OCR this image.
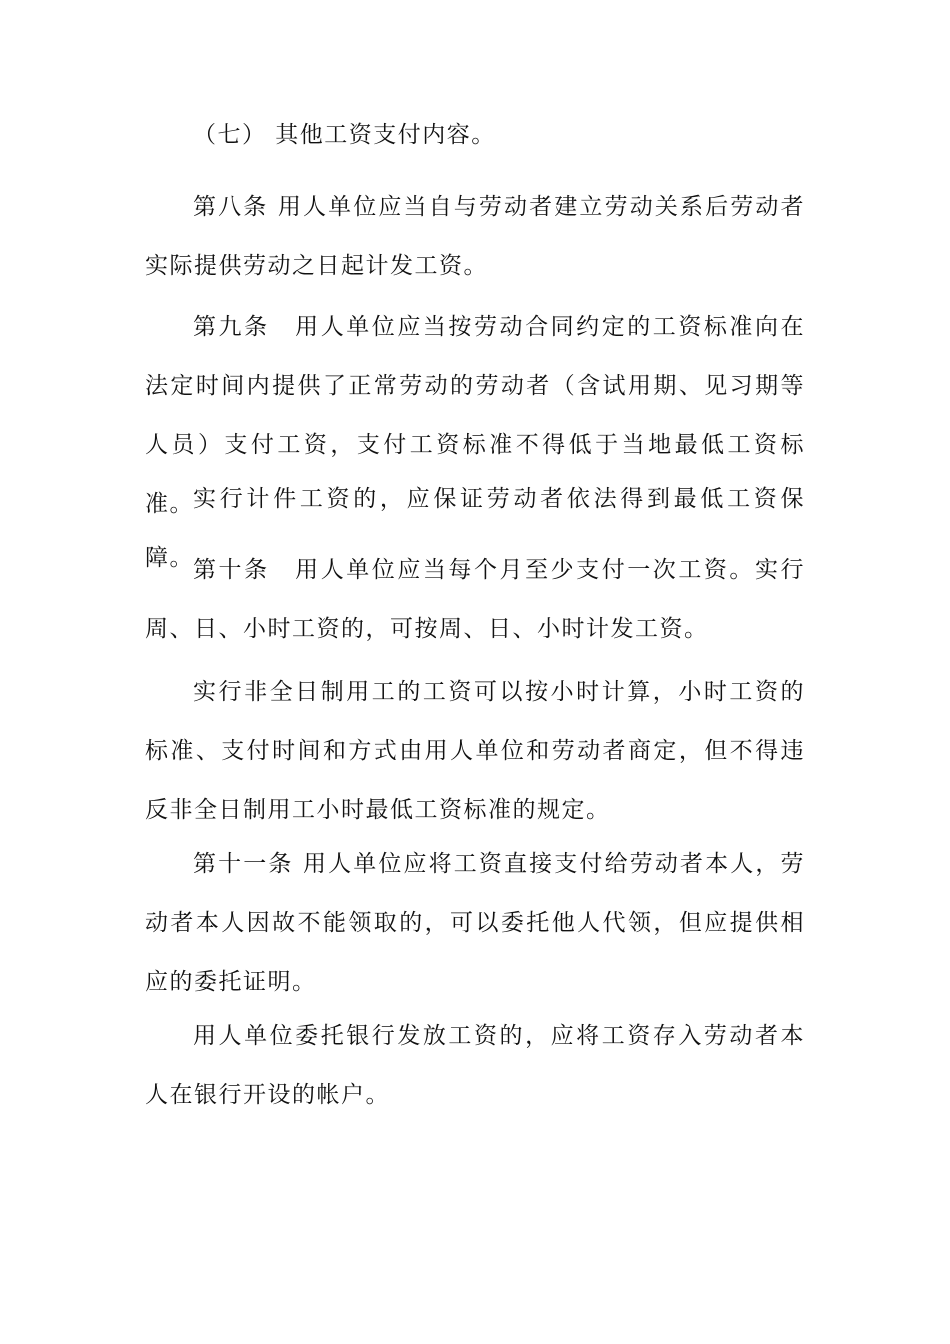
（七） 其他工资支付内容。

第八条 用人单位应当自与劳动者建立劳动关系后劳动者实际提供劳动之日起计发工资。

第九条　用人单位应当按劳动合同约定的工资标准向在法定时间内提供了正常劳动的劳动者（含试用期、见习期等人员）支付工资，支付工资标准不得低于当地最低工资标准。 实行计件工资的，应保证劳动者依法得到最低工资保障。 第十条　用人单位应当每个月至少支付一次工资。实行周、日、小时工资的，可按周、日、小时计发工资。

实行非全日制用工的工资可以按小时计算，小时工资的标准、支付时间和方式由用人单位和劳动者商定，但不得违反非全日制用工小时最低工资标准的规定。

第十一条 用人单位应将工资直接支付给劳动者本人，劳动者本人因故不能领取的，可以委托他人代领，但应提供相应的委托证明。

用人单位委托银行发放工资的，应将工资存入劳动者本人在银行开设的帐户。
